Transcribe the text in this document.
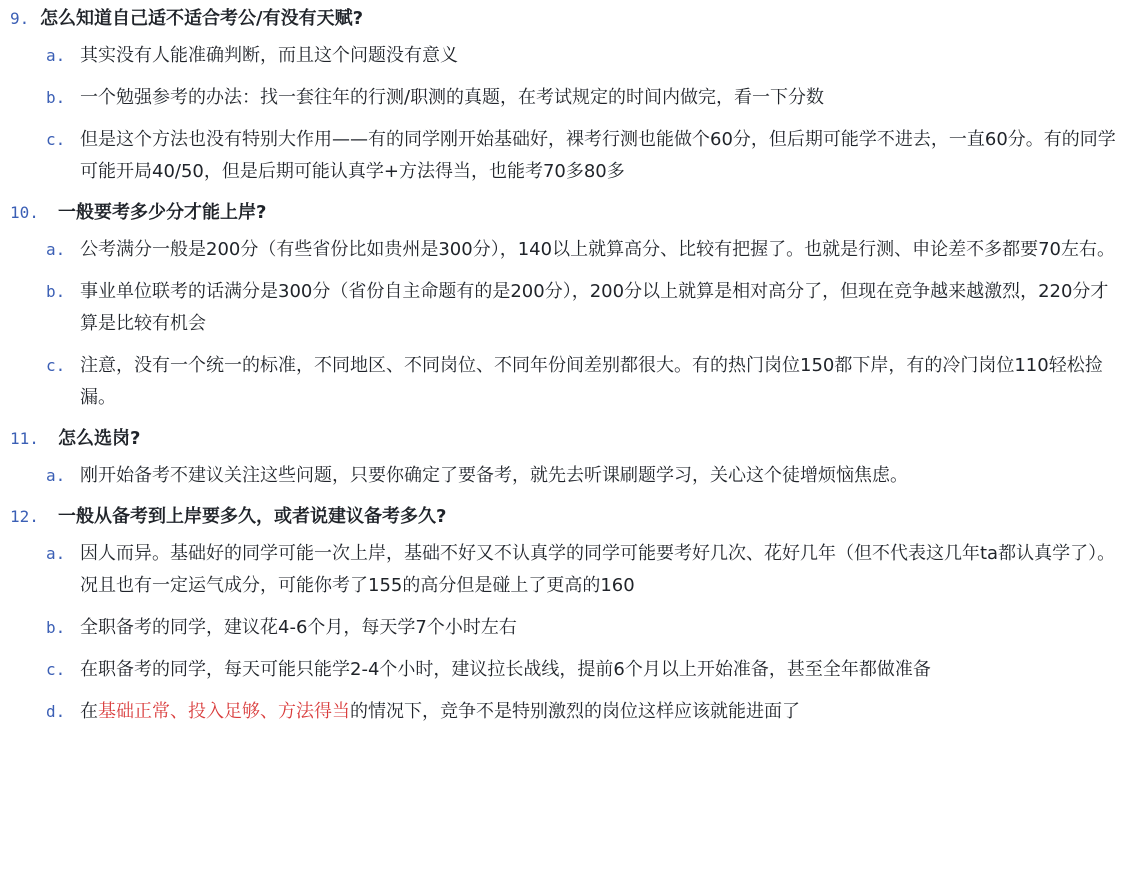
9. 怎么知道自己适不适合考公/有没有天赋?
a. 其实没有人能准确判断，而且这个问题没有意义
b. 一个勉强参考的办法：找一套往年的行测/职测的真题，在考试规定的时间内做完，看一下分数
c. 但是这个方法也没有特别大作用——有的同学刚开始基础好，裸考行测也能做个60分，但后期可能学不进去，一直60分。有的同学可能开局40/50，但是后期可能认真学+方法得当，也能考70多80多
10.	一般要考多少分才能上岸?
a. 公考满分一般是200分（有些省份比如贵州是300分），140以上就算高分、比较有把握了。也就是行测、申论差不多都要70左右。
b. 事业单位联考的话满分是300分（省份自主命题有的是200分），200分以上就算是相对高分了，但现在竞争越来越激烈，220分才算是比较有机会
c. 注意，没有一个统一的标准，不同地区、不同岗位、不同年份间差别都很大。有的热门岗位150都下岸，有的冷门岗位110轻松捡漏。
11.	怎么选岗?
a. 刚开始备考不建议关注这些问题，只要你确定了要备考，就先去听课刷题学习，关心这个徒增烦恼焦虑。
12.	一般从备考到上岸要多久，或者说建议备考多久?
a. 因人而异。基础好的同学可能一次上岸，基础不好又不认真学的同学可能要考好几次、花好几年（但不代表这几年ta都认真学了）。况且也有一定运气成分，可能你考了155的高分但是碰上了更高的160
b. 全职备考的同学，建议花4-6个月，每天学7个小时左右
c. 在职备考的同学，每天可能只能学2-4个小时，建议拉长战线，提前6个月以上开始准备，甚至全年都做准备
d. 在基础正常、投入足够、方法得当的情况下，竞争不是特别激烈的岗位这样应该就能进面了
